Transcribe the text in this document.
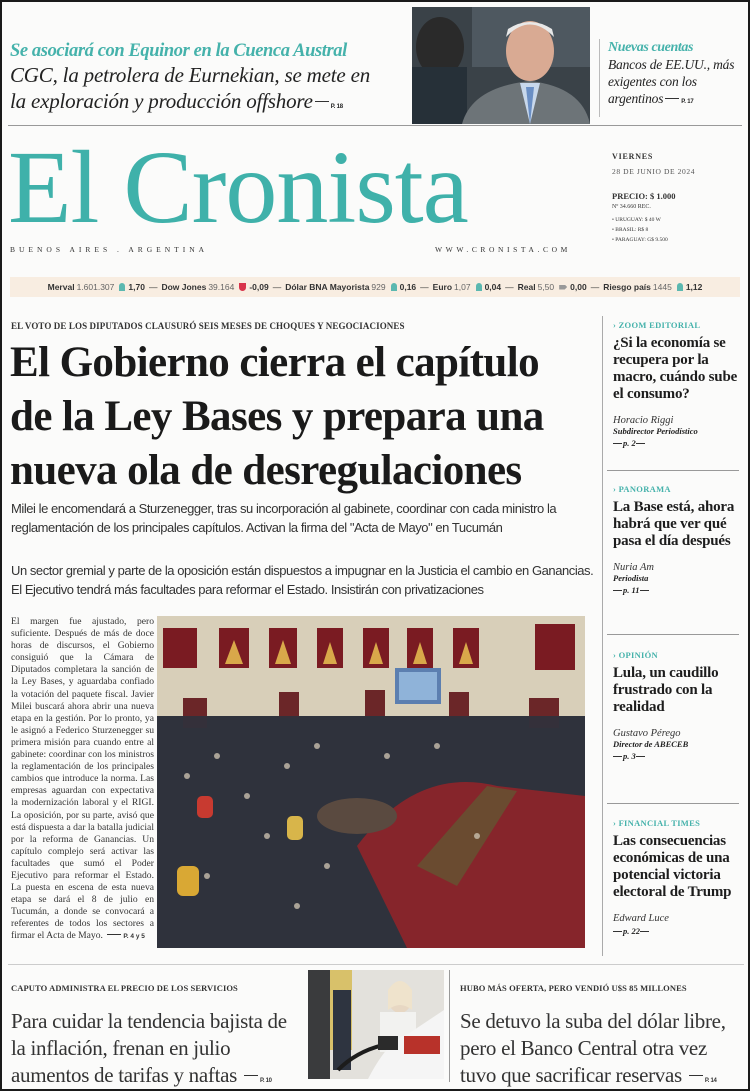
Se asociará con Equinor en la Cuenca Austral
CGC, la petrolera de Eurnekian, se mete en
la exploración y producción offshore	P. 18
Nuevas cuentas
Bancos de EE.UU., más exigentes con los argentinos	P. 17
El Cronista
BUENOS AIRES . ARGENTINA	WWW.CRONISTA.COM
VIERNES
28 DE JUNIO DE 2024
PRECIO: $ 1.000
Nº 34.660 REC.
• URUGUAY: $ 40 W
• BRASIL: R$ 8
• PARAGUAY: G$ 9.500
Merval 1.601.307 1,70 — Dow Jones 39.164 -0,09 — Dólar BNA Mayorista 929 0,16 — Euro 1,07 0,04 — Real 5,50 0,00 — Riesgo país 1445 1,12
EL VOTO DE LOS DIPUTADOS CLAUSURÓ SEIS MESES DE CHOQUES Y NEGOCIACIONES
El Gobierno cierra el capítulo
de la Ley Bases y prepara una
nueva ola de desregulaciones
Milei le encomendará a Sturzenegger, tras su incorporación al gabinete, coordinar con cada ministro la reglamentación de los principales capítulos. Activan la firma del "Acta de Mayo" en Tucumán
Un sector gremial y parte de la oposición están dispuestos a impugnar en la Justicia el cambio en Ganancias. El Ejecutivo tendrá más facultades para reformar el Estado. Insistirán con privatizaciones
El margen fue ajustado, pero suficiente. Después de más de doce horas de discursos, el Gobierno consiguió que la Cámara de Diputados completara la sanción de la Ley Bases, y aguardaba confiado la votación del paquete fiscal. Javier Milei buscará ahora abrir una nueva etapa en la gestión. Por lo pronto, ya le asignó a Federico Sturzenegger su primera misión para cuando entre al gabinete: coordinar con los ministros la reglamentación de los principales cambios que introduce la norma. Las empresas aguardan con expectativa la modernización laboral y el RIGI. La oposición, por su parte, avisó que está dispuesta a dar la batalla judicial por la reforma de Ganancias. Un capítulo complejo será activar las facultades que sumó el Poder Ejecutivo para reformar el Estado. La puesta en escena de esta nueva etapa se dará el 8 de julio en Tucumán, a donde se convocará a referentes de todos los sectores a firmar el Acta de Mayo.	P. 4 y 5
› ZOOM EDITORIAL
¿Si la economía se recupera por la macro, cuándo sube el consumo?
Horacio Riggi
Subdirector Periodístico
p. 2
› PANORAMA
La Base está, ahora habrá que ver qué pasa el día después
Nuria Am
Periodista
p. 11
› OPINIÓN
Lula, un caudillo frustrado con la realidad
Gustavo Pérego
Director de ABECEB
p. 3
› FINANCIAL TIMES
Las consecuencias económicas de una potencial victoria electoral de Trump
Edward Luce
p. 22
CAPUTO ADMINISTRA EL PRECIO DE LOS SERVICIOS
Para cuidar la tendencia bajista de la inflación, frenan en julio aumentos de tarifas y naftas	P. 10
HUBO MÁS OFERTA, PERO VENDIÓ U$S 85 MILLONES
Se detuvo la suba del dólar libre, pero el Banco Central otra vez tuvo que sacrificar reservas	P. 14
